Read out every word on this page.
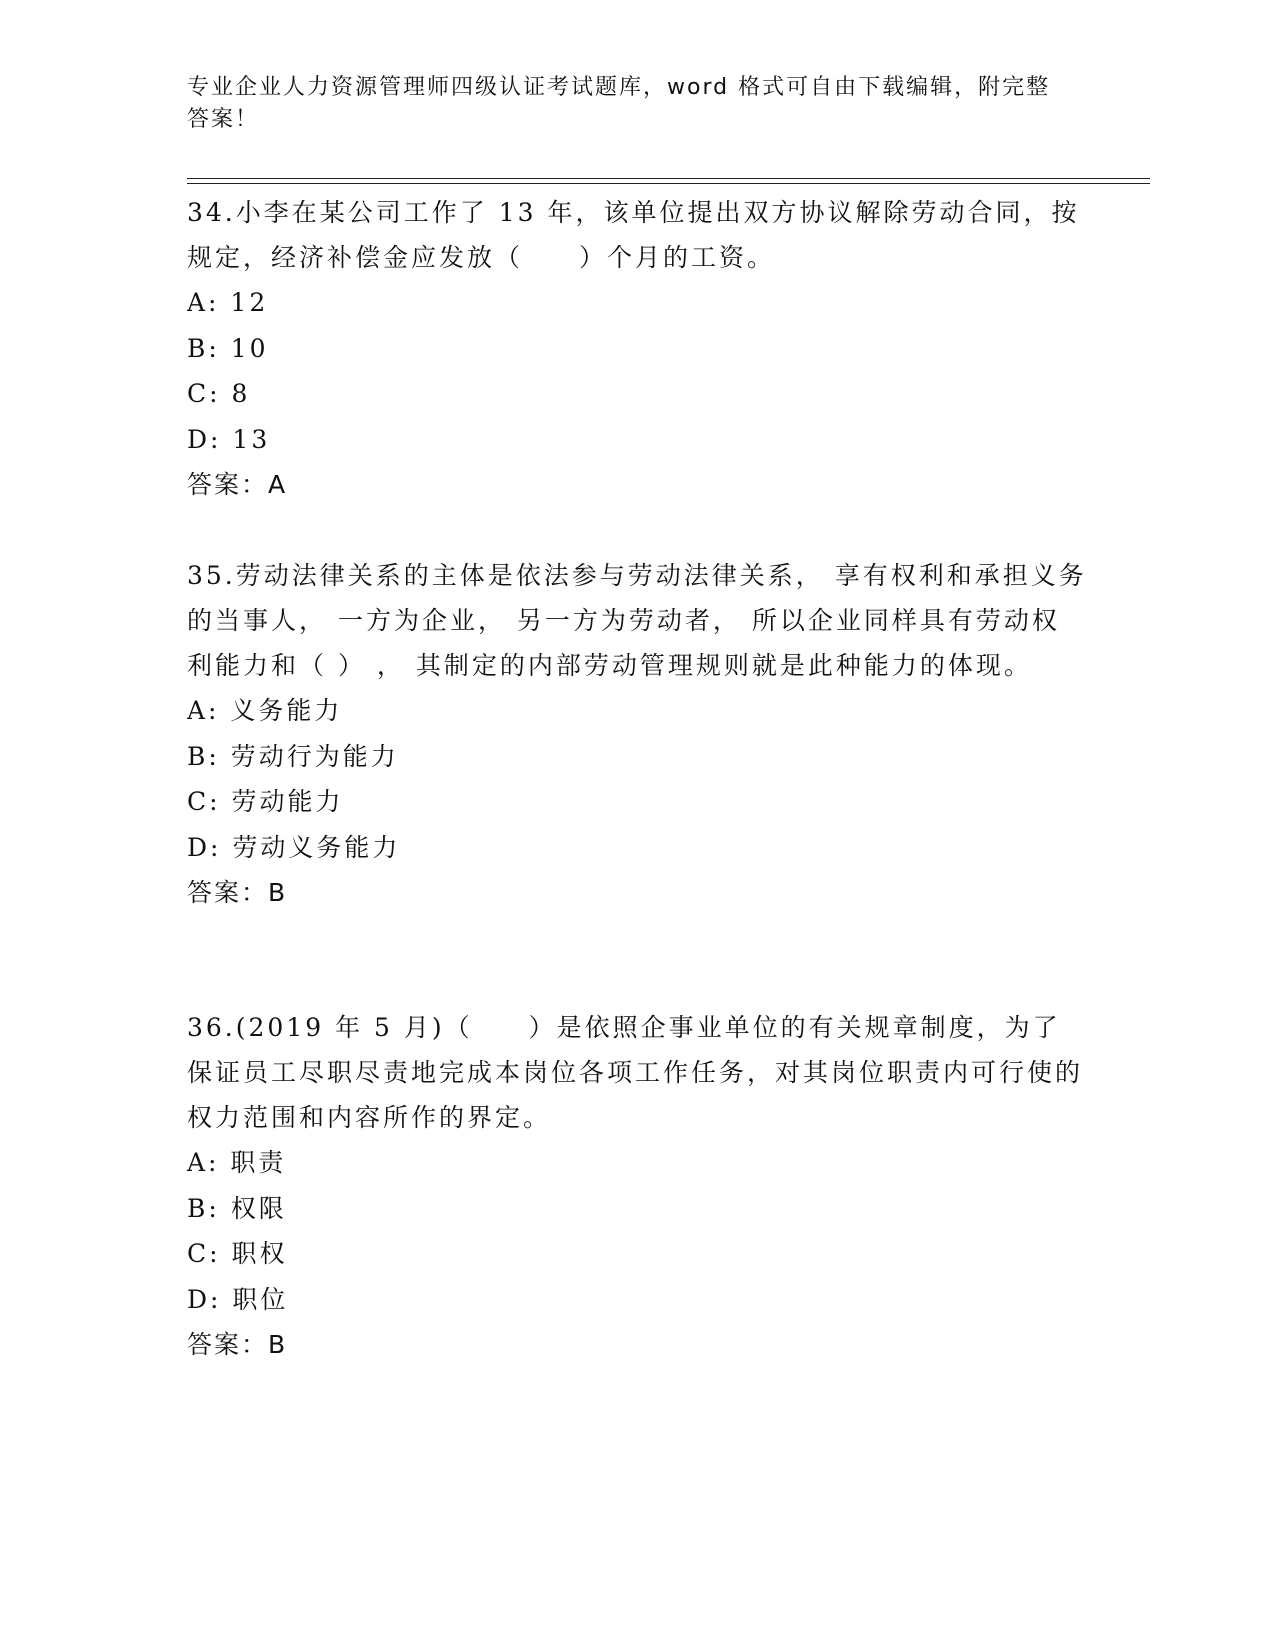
专业企业人力资源管理师四级认证考试题库，word 格式可自由下载编辑，附完整答案！

34.小李在某公司工作了 13 年，该单位提出双方协议解除劳动合同，按规定，经济补偿金应发放（　　）个月的工资。

A: 12

B: 10

C: 8

D: 13

答案：A

35.劳动法律关系的主体是依法参与劳动法律关系， 享有权利和承担义务的当事人， 一方为企业， 另一方为劳动者， 所以企业同样具有劳动权利能力和（ ） ， 其制定的内部劳动管理规则就是此种能力的体现。

A: 义务能力

B: 劳动行为能力

C: 劳动能力

D: 劳动义务能力

答案：B

36.(2019 年 5 月)（　　）是依照企事业单位的有关规章制度，为了保证员工尽职尽责地完成本岗位各项工作任务，对其岗位职责内可行使的权力范围和内容所作的界定。

A: 职责

B: 权限

C: 职权

D: 职位

答案：B
